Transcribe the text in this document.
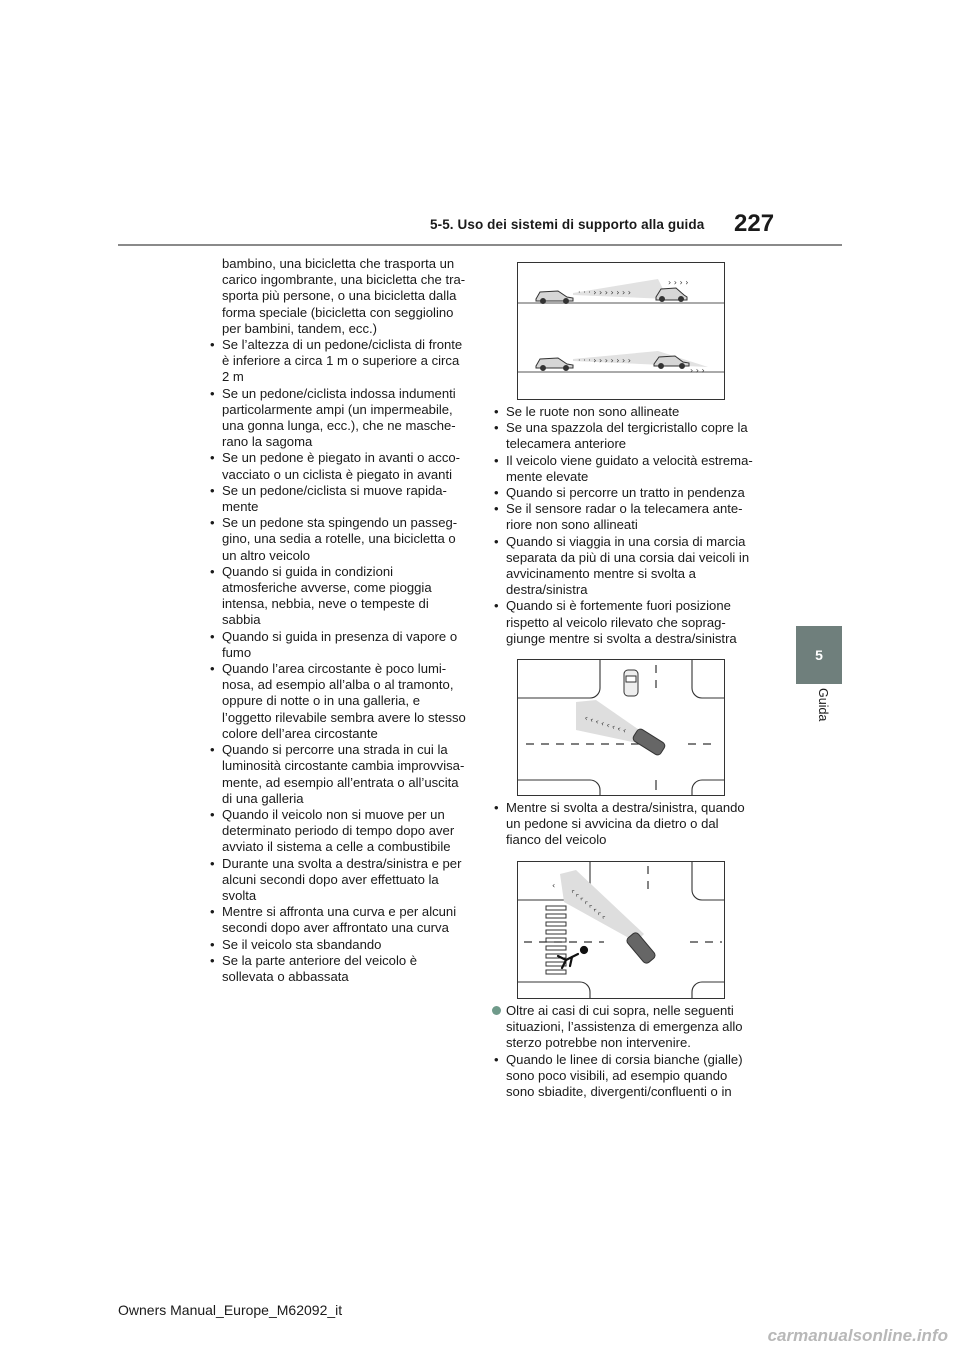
5-5. Uso dei sistemi di supporto alla guida 227
5
Guida
bambino, una bicicletta che trasporta un carico ingombrante, una bicicletta che tra-sporta più persone, o una bicicletta dalla forma speciale (bicicletta con seggiolino per bambini, tandem, ecc.)
• Se l’altezza di un pedone/ciclista di fronte è inferiore a circa 1 m o superiore a circa 2 m
• Se un pedone/ciclista indossa indumenti particolarmente ampi (un impermeabile, una gonna lunga, ecc.), che ne masche-rano la sagoma
• Se un pedone è piegato in avanti o acco-vacciato o un ciclista è piegato in avanti
• Se un pedone/ciclista si muove rapida-mente
• Se un pedone sta spingendo un passeg-gino, una sedia a rotelle, una bicicletta o un altro veicolo
• Quando si guida in condizioni atmosferiche avverse, come pioggia intensa, nebbia, neve o tempeste di sabbia
• Quando si guida in presenza di vapore o fumo
• Quando l’area circostante è poco lumi-nosa, ad esempio all’alba o al tramonto, oppure di notte o in una galleria, e l’oggetto rilevabile sembra avere lo stesso colore dell’area circostante
• Quando si percorre una strada in cui la luminosità circostante cambia improvvisa-mente, ad esempio all’entrata o all’uscita di una galleria
• Quando il veicolo non si muove per un determinato periodo di tempo dopo aver avviato il sistema a celle a combustibile
• Durante una svolta a destra/sinistra e per alcuni secondi dopo aver effettuato la svolta
• Mentre si affronta una curva e per alcuni secondi dopo aver affrontato una curva
• Se il veicolo sta sbandando
• Se la parte anteriore del veicolo è sollevata o abbassata
· · · › › › › › › ›
› › › ›
· · · › › › › › › ›
› › ›
• Se le ruote non sono allineate
• Se una spazzola del tergicristallo copre la telecamera anteriore
• Il veicolo viene guidato a velocità estrema-mente elevate
• Quando si percorre un tratto in pendenza
• Se il sensore radar o la telecamera ante-riore non sono allineati
• Quando si viaggia in una corsia di marcia separata da più di una corsia dai veicoli in avvicinamento mentre si svolta a destra/sinistra
• Quando si è fortemente fuori posizione rispetto al veicolo rilevato che soprag-giunge mentre si svolta a destra/sinistra
‹ ‹ ‹ ‹ ‹ ‹ ‹ ‹
• Mentre si svolta a destra/sinistra, quando un pedone si avvicina da dietro o dal fianco del veicolo
‹ ‹ ‹ ‹ ‹ ‹ ‹ ‹
‹
Oltre ai casi di cui sopra, nelle seguenti situazioni, l’assistenza di emergenza allo sterzo potrebbe non intervenire.
• Quando le linee di corsia bianche (gialle) sono poco visibili, ad esempio quando sono sbiadite, divergenti/confluenti o in
Owners Manual_Europe_M62092_it
carmanualsonline.info
